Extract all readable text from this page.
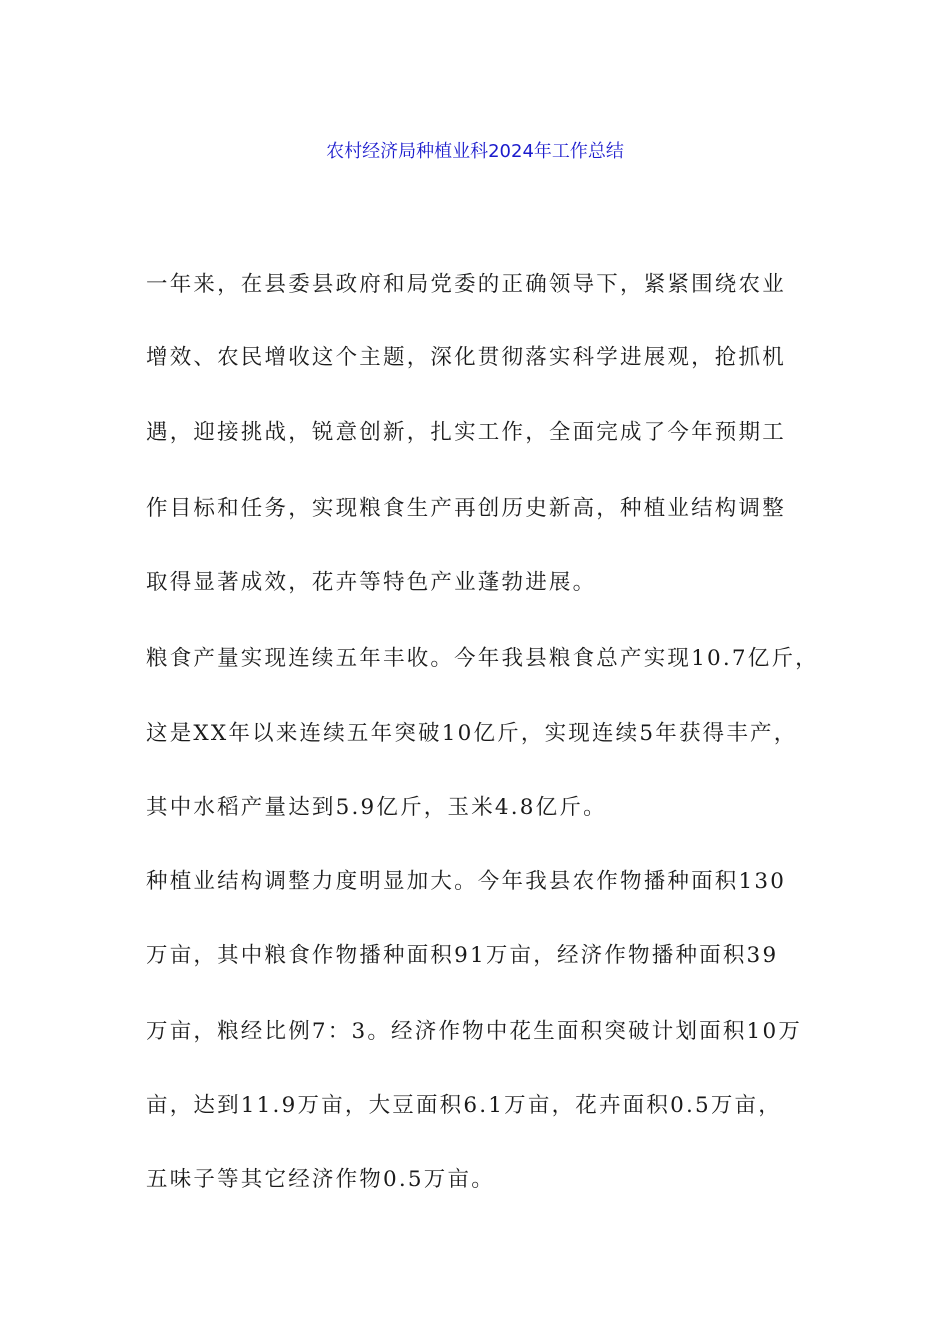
农村经济局种植业科2024年工作总结
一年来，在县委县政府和局党委的正确领导下，紧紧围绕农业
增效、农民增收这个主题，深化贯彻落实科学进展观，抢抓机
遇，迎接挑战，锐意创新，扎实工作，全面完成了今年预期工
作目标和任务，实现粮食生产再创历史新高，种植业结构调整
取得显著成效，花卉等特色产业蓬勃进展。
粮食产量实现连续五年丰收。今年我县粮食总产实现10.7亿斤，
这是XX年以来连续五年突破10亿斤，实现连续5年获得丰产，
其中水稻产量达到5.9亿斤，玉米4.8亿斤。
种植业结构调整力度明显加大。今年我县农作物播种面积130
万亩，其中粮食作物播种面积91万亩，经济作物播种面积39
万亩，粮经比例7：3。经济作物中花生面积突破计划面积10万
亩，达到11.9万亩，大豆面积6.1万亩，花卉面积0.5万亩，
五味子等其它经济作物0.5万亩。
